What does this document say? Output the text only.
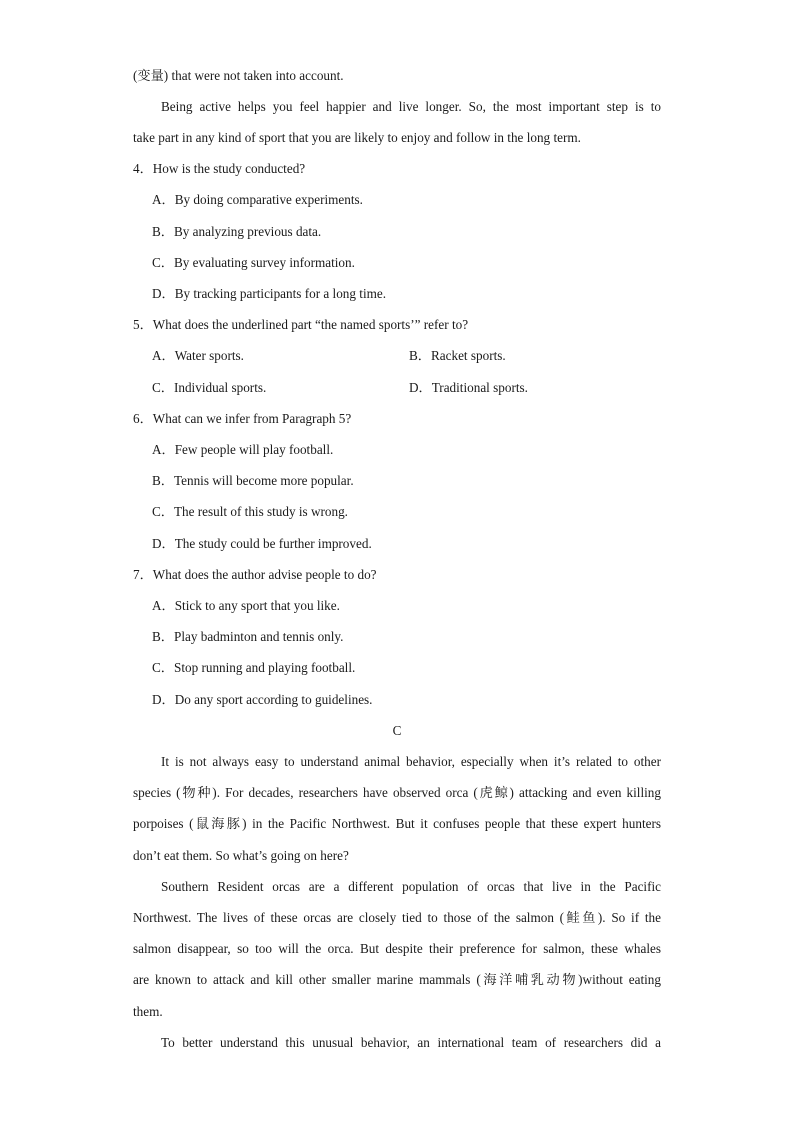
(变量) that were not taken into account.
Being active helps you feel happier and live longer. So, the most important step is to
take part in any kind of sport that you are likely to enjoy and follow in the long term.
4．How is the study conducted?
A．By doing comparative experiments.
B．By analyzing previous data.
C．By evaluating survey information.
D．By tracking participants for a long time.
5．What does the underlined part “the named sports’” refer to?
A．Water sports.	B．Racket sports.
C．Individual sports.	D．Traditional sports.
6．What can we infer from Paragraph 5?
A．Few people will play football.
B．Tennis will become more popular.
C．The result of this study is wrong.
D．The study could be further improved.
7．What does the author advise people to do?
A．Stick to any sport that you like.
B．Play badminton and tennis only.
C．Stop running and playing football.
D．Do any sport according to guidelines.
C
It is not always easy to understand animal behavior, especially when it’s related to other
species (物种). For decades, researchers have observed orca (虎鲸) attacking and even killing
porpoises (鼠海豚) in the Pacific Northwest. But it confuses people that these expert hunters
don’t eat them. So what’s going on here?
Southern Resident orcas are a different population of orcas that live in the Pacific
Northwest. The lives of these orcas are closely tied to those of the salmon (鲑鱼). So if the
salmon disappear, so too will the orca. But despite their preference for salmon, these whales
are known to attack and kill other smaller marine mammals (海洋哺乳动物)without eating
them.
To better understand this unusual behavior, an international team of researchers did a
